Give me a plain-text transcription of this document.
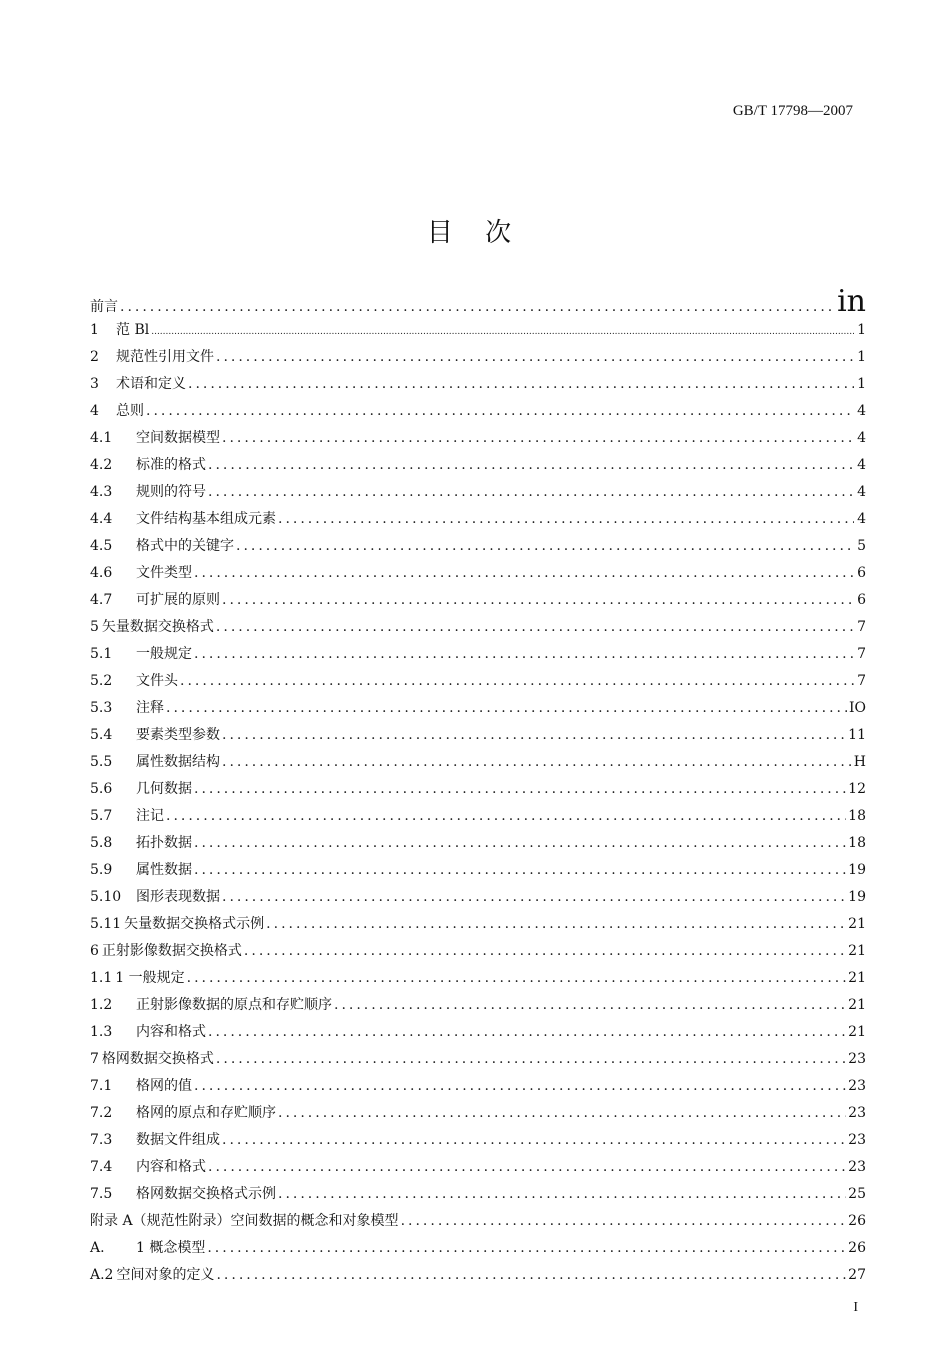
GB/T 17798—2007
目 次
前言 .....	in
1	范 Bl .....	1
2	规范性引用文件 .....	1
3	术语和定义 .....	1
4	总则 .....	4
4.1	空间数据模型 .....	4
4.2	标准的格式 .....	4
4.3	规则的符号 .....	4
4.4	文件结构基本组成元素 .....	4
4.5	格式中的关键字 .....	5
4.6	文件类型 .....	6
4.7	可扩展的原则 .....	6
5 矢量数据交换格式 .....	7
5.1	一般规定 .....	7
5.2	文件头 .....	7
5.3	注释 .....	IO
5.4	要素类型参数 .....	11
5.5	属性数据结构 .....	H
5.6	几何数据 .....	12
5.7	注记 .....	18
5.8	拓扑数据 .....	18
5.9	属性数据 .....	19
5.10	图形表现数据 .....	19
5.11 矢量数据交换格式示例 .....	21
6 正射影像数据交换格式 .....	21
1.1 1 一般规定 .....	21
1.2	正射影像数据的原点和存贮顺序 .....	21
1.3	内容和格式 .....	21
7 格网数据交换格式 .....	23
7.1	格网的值 .....	23
7.2	格网的原点和存贮顺序 .....	23
7.3	数据文件组成 .....	23
7.4	内容和格式 .....	23
7.5	格网数据交换格式示例 .....	25
附录 A（规范性附录）空间数据的概念和对象模型 .....	26
A.	1 概念模型 .....	26
A.2 空间对象的定义 .....	27
I
